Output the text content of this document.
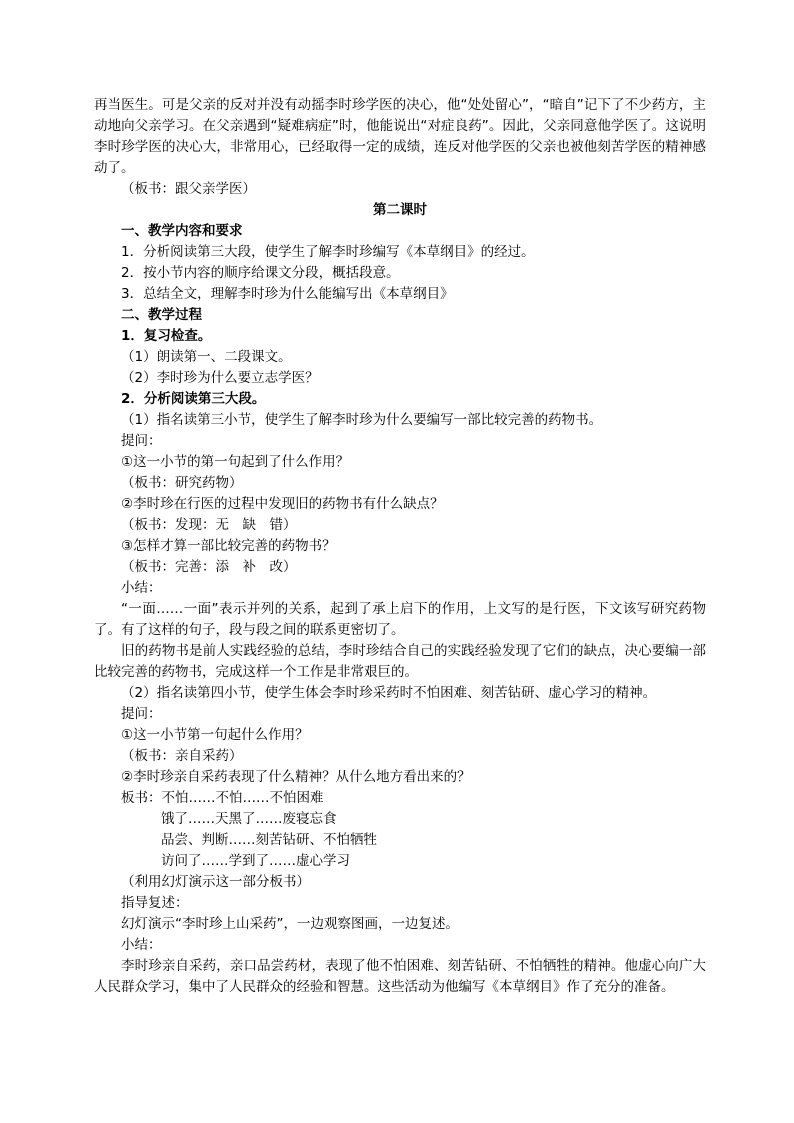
再当医生。可是父亲的反对并没有动摇李时珍学医的决心，他“处处留心”，“暗自”记下了不少药方，主动地向父亲学习。在父亲遇到“疑难病症”时，他能说出“对症良药”。因此，父亲同意他学医了。这说明李时珍学医的决心大，非常用心，已经取得一定的成绩，连反对他学医的父亲也被他刻苦学医的精神感动了。
（板书：跟父亲学医）
第二课时
一、教学内容和要求
1．分析阅读第三大段，使学生了解李时珍编写《本草纲目》的经过。
2．按小节内容的顺序给课文分段，概括段意。
3．总结全文，理解李时珍为什么能编写出《本草纲目》
二、教学过程
1．复习检查。
（1）朗读第一、二段课文。
（2）李时珍为什么要立志学医？
2．分析阅读第三大段。
（1）指名读第三小节，使学生了解李时珍为什么要编写一部比较完善的药物书。
提问：
①这一小节的第一句起到了什么作用？
（板书：研究药物）
②李时珍在行医的过程中发现旧的药物书有什么缺点？
（板书：发现：无　缺　错）
③怎样才算一部比较完善的药物书？
（板书：完善：添　补　改）
小结：
“一面……一面”表示并列的关系，起到了承上启下的作用，上文写的是行医，下文该写研究药物了。有了这样的句子，段与段之间的联系更密切了。
旧的药物书是前人实践经验的总结，李时珍结合自己的实践经验发现了它们的缺点，决心要编一部比较完善的药物书，完成这样一个工作是非常艰巨的。
（2）指名读第四小节，使学生体会李时珍采药时不怕困难、刻苦钻研、虚心学习的精神。
提问：
①这一小节第一句起什么作用？
（板书：亲自采药）
②李时珍亲自采药表现了什么精神？从什么地方看出来的？
板书：不怕……不怕……不怕困难
饿了……天黑了……废寝忘食
品尝、判断……刻苦钻研、不怕牺牲
访问了……学到了……虚心学习
（利用幻灯演示这一部分板书）
指导复述：
幻灯演示“李时珍上山采药”，一边观察图画，一边复述。
小结：
李时珍亲自采药，亲口品尝药材，表现了他不怕困难、刻苦钻研、不怕牺牲的精神。他虚心向广大人民群众学习，集中了人民群众的经验和智慧。这些活动为他编写《本草纲目》作了充分的准备。
